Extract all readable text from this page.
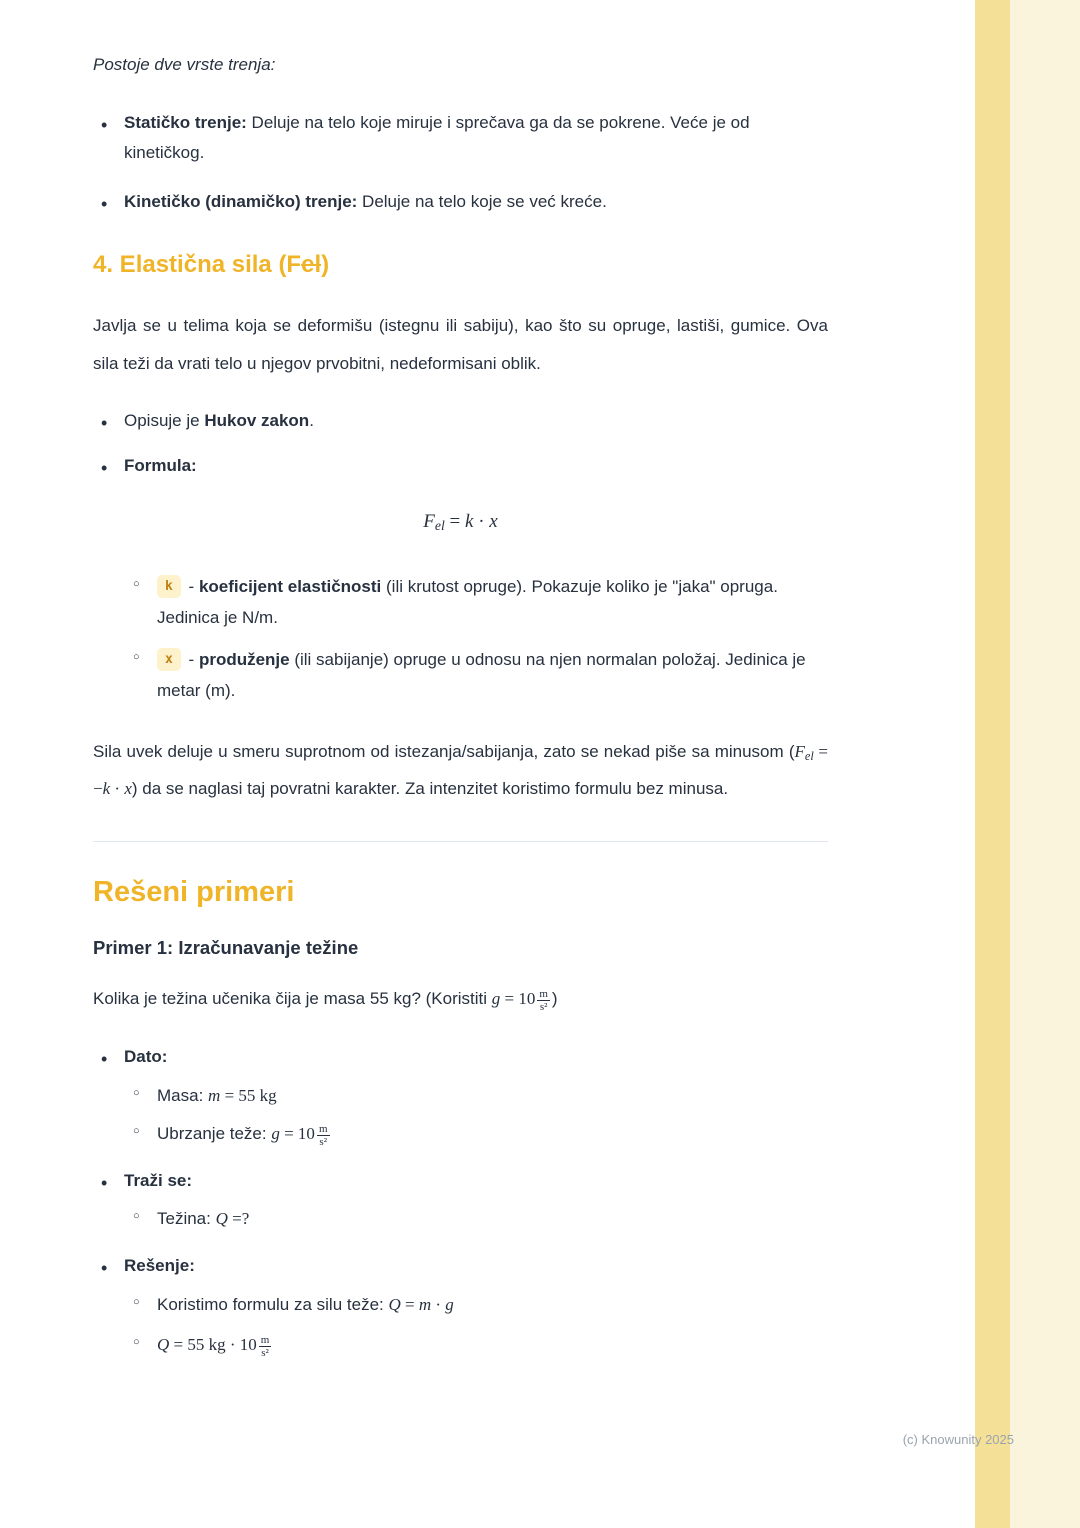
Postoje dve vrste trenja:

• Statičko trenje: Deluje na telo koje miruje i sprečava ga da se pokrene. Veće je od kinetičkog.
• Kinetičko (dinamičko) trenje: Deluje na telo koje se već kreće.
4. Elastična sila (Fel)

Javlja se u telima koja se deformišu (istegnu ili sabiju), kao što su opruge, lastiši, gumice. Ova sila teži da vrati telo u njegov prvobitni, nedeformisani oblik.

• Opisuje je Hukov zakon.
• Formula:
Fel = k · x
○ k - koeficijent elastičnosti (ili krutost opruge). Pokazuje koliko je "jaka" opruga. Jedinica je N/m.
○ x - produženje (ili sabijanje) opruge u odnosu na njen normalan položaj. Jedinica je metar (m).

Sila uvek deluje u smeru suprotnom od istezanja/sabijanja, zato se nekad piše sa minusom (Fel = −k · x) da se naglasi taj povratni karakter. Za intenzitet koristimo formulu bez minusa.

Rešeni primeri
Primer 1: Izračunavanje težine

Kolika je težina učenika čija je masa 55 kg? (Koristiti $g = 10 \frac{m}{\text{s²}}$ )

• Dato:
○ Masa: m = 55 kg
○ Ubrzanje teže: $g = 10 \frac{m}{\text{s²}}$
• Traži se:
○ Težina: Q =?
• Rešenje:
○ Koristimo formulu za silu teže: Q = m · g
○ Q = 55 kg · $10 \frac{m}{\text{s²}}$
(c) Knowunity 2025
